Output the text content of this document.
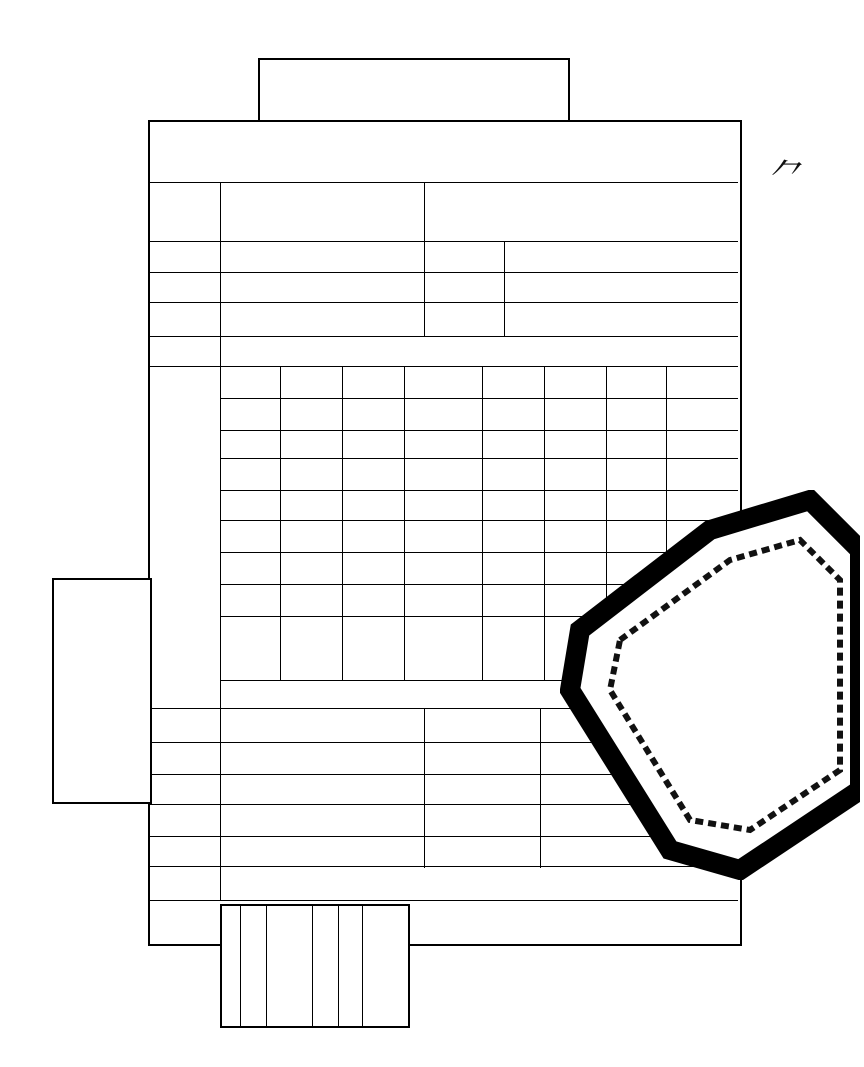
⺈
